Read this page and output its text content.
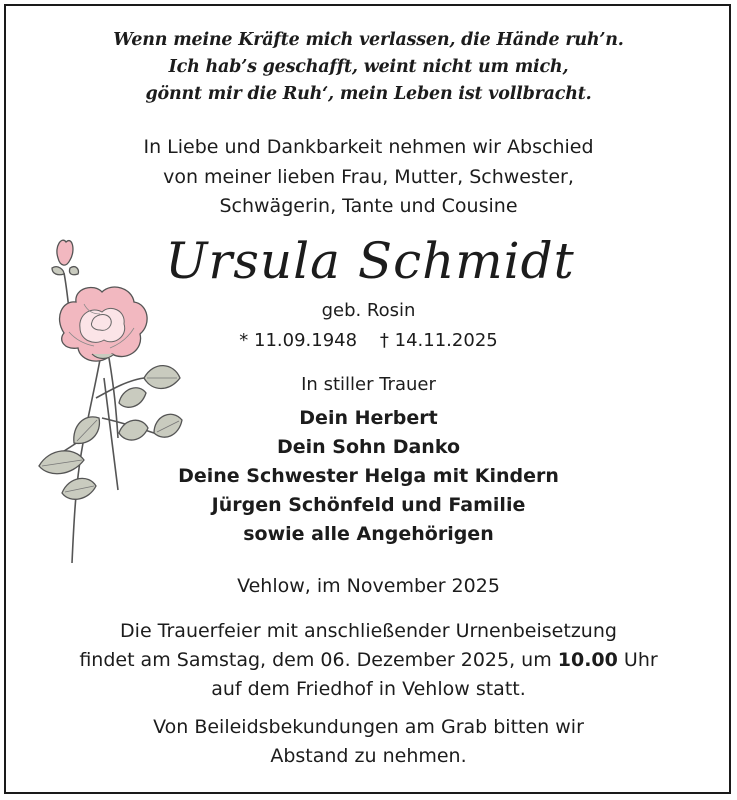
Wenn meine Kräfte mich verlassen, die Hände ruh’n.
Ich hab’s geschafft, weint nicht um mich,
gönnt mir die Ruh‘, mein Leben ist vollbracht.
In Liebe und Dankbarkeit nehmen wir Abschied
von meiner lieben Frau, Mutter, Schwester,
Schwägerin, Tante und Cousine
Ursula Schmidt
geb. Rosin
* 11.09.1948    † 14.11.2025
In stiller Trauer
Dein Herbert
Dein Sohn Danko
Deine Schwester Helga mit Kindern
Jürgen Schönfeld und Familie
sowie alle Angehörigen
Vehlow, im November 2025
Die Trauerfeier mit anschließender Urnenbeisetzung
findet am Samstag, dem 06. Dezember 2025, um 10.00 Uhr
auf dem Friedhof in Vehlow statt.
Von Beileidsbekundungen am Grab bitten wir
Abstand zu nehmen.
